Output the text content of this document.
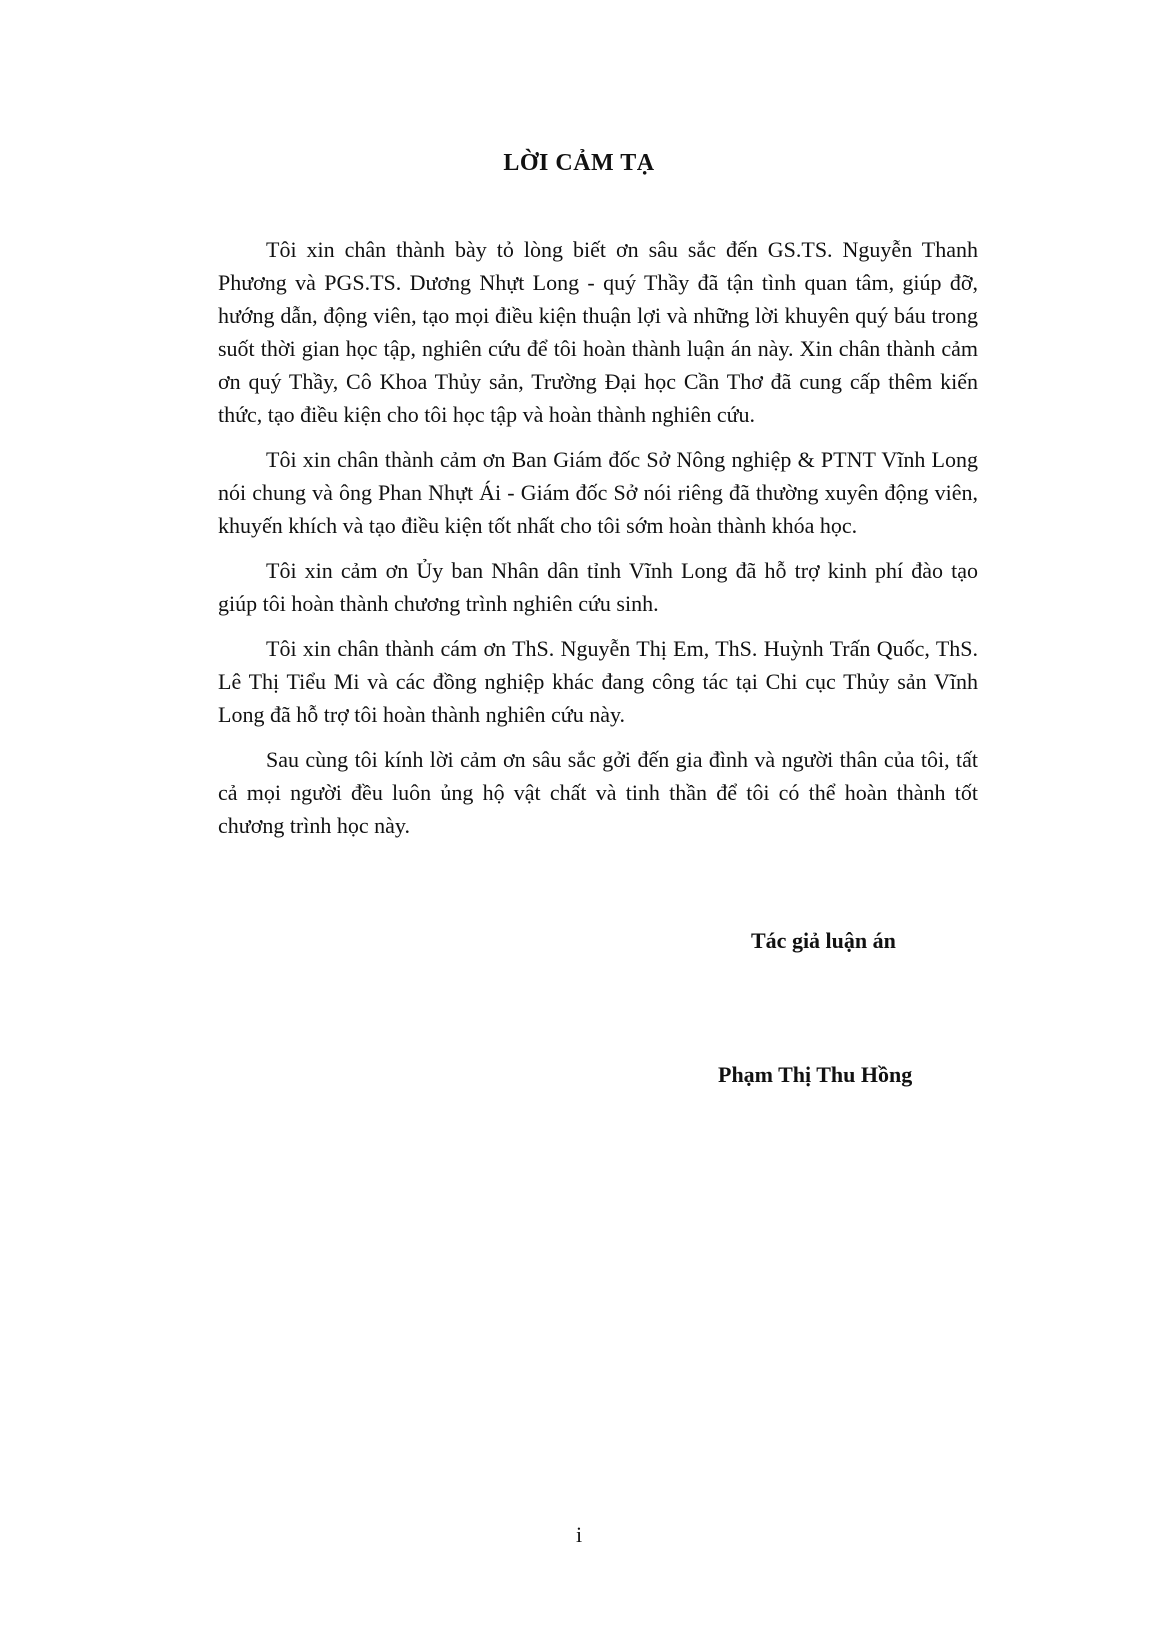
LỜI CẢM TẠ

Tôi xin chân thành bày tỏ lòng biết ơn sâu sắc đến GS.TS. Nguyễn Thanh Phương và PGS.TS. Dương Nhựt Long - quý Thầy đã tận tình quan tâm, giúp đỡ, hướng dẫn, động viên, tạo mọi điều kiện thuận lợi và những lời khuyên quý báu trong suốt thời gian học tập, nghiên cứu để tôi hoàn thành luận án này. Xin chân thành cảm ơn quý Thầy, Cô Khoa Thủy sản, Trường Đại học Cần Thơ đã cung cấp thêm kiến thức, tạo điều kiện cho tôi học tập và hoàn thành nghiên cứu.

Tôi xin chân thành cảm ơn Ban Giám đốc Sở Nông nghiệp & PTNT Vĩnh Long nói chung và ông Phan Nhựt Ái - Giám đốc Sở nói riêng đã thường xuyên động viên, khuyến khích và tạo điều kiện tốt nhất cho tôi sớm hoàn thành khóa học.

Tôi xin cảm ơn Ủy ban Nhân dân tỉnh Vĩnh Long đã hỗ trợ kinh phí đào tạo giúp tôi hoàn thành chương trình nghiên cứu sinh.

Tôi xin chân thành cám ơn ThS. Nguyễn Thị Em, ThS. Huỳnh Trấn Quốc, ThS. Lê Thị Tiểu Mi và các đồng nghiệp khác đang công tác tại Chi cục Thủy sản Vĩnh Long đã hỗ trợ tôi hoàn thành nghiên cứu này.

Sau cùng tôi kính lời cảm ơn sâu sắc gởi đến gia đình và người thân của tôi, tất cả mọi người đều luôn ủng hộ vật chất và tinh thần để tôi có thể hoàn thành tốt chương trình học này.

Tác giả luận án
Phạm Thị Thu Hồng
i
